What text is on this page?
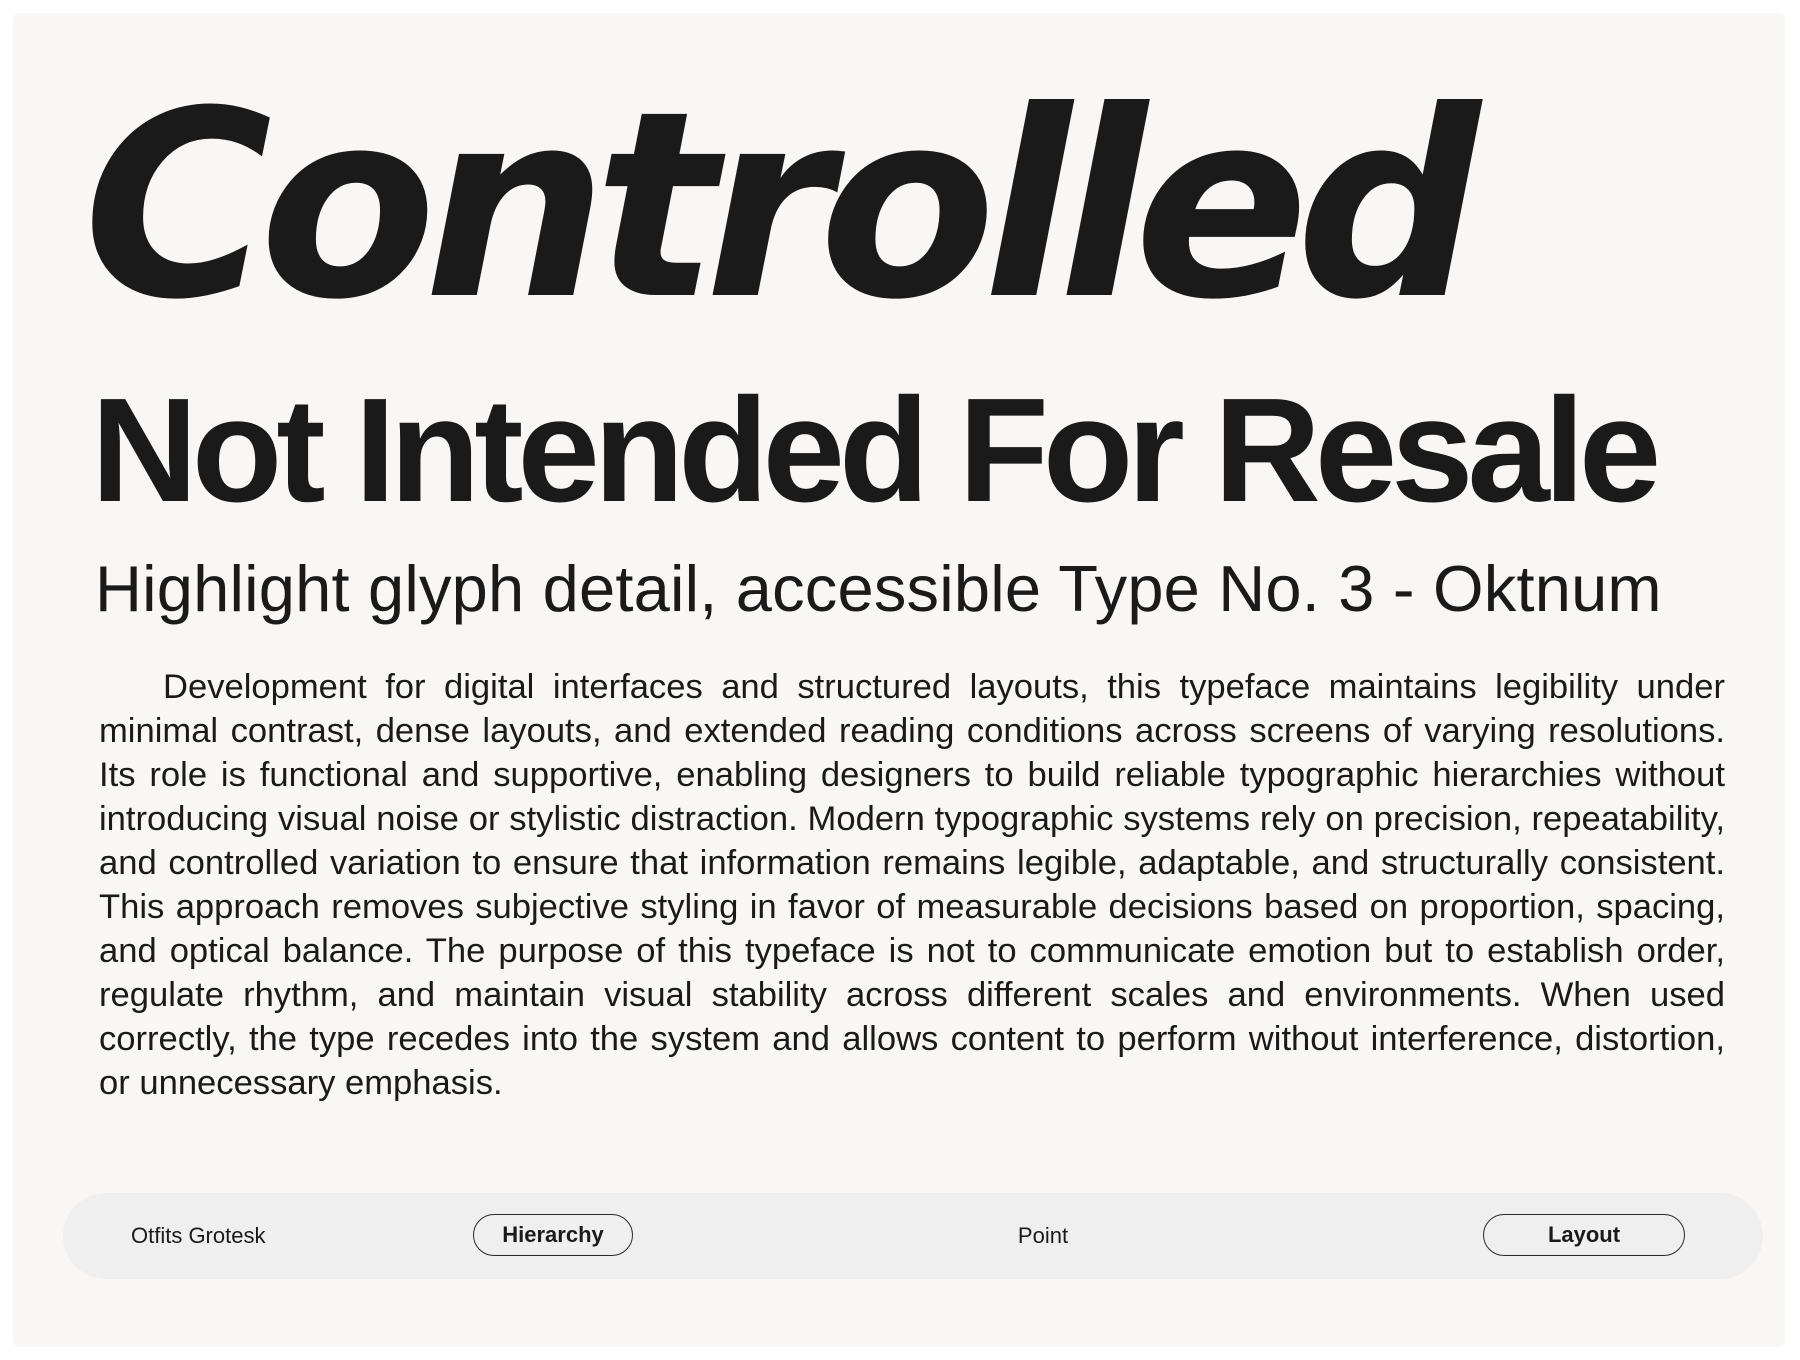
Controlled
Not Intended For Resale
Highlight glyph detail, accessible Type No. 3 - Oktnum

Development for digital interfaces and structured layouts, this typeface maintains legibility under minimal contrast, dense layouts, and extended reading conditions across screens of varying resolutions. Its role is functional and supportive, enabling designers to build reliable typographic hierarchies without introducing visual noise or stylistic distraction. Modern typographic systems rely on precision, repeatability, and controlled variation to ensure that information remains legible, adaptable, and structurally consistent. This approach removes subjective styling in favor of measurable decisions based on proportion, spacing, and optical balance. The purpose of this typeface is not to communicate emotion but to establish order, regulate rhythm, and maintain visual stability across different scales and environments. When used correctly, the type recedes into the system and allows content to perform without interference, distortion, or unnecessary emphasis.

Otfits Grotesk	Hierarchy	Point	Layout
